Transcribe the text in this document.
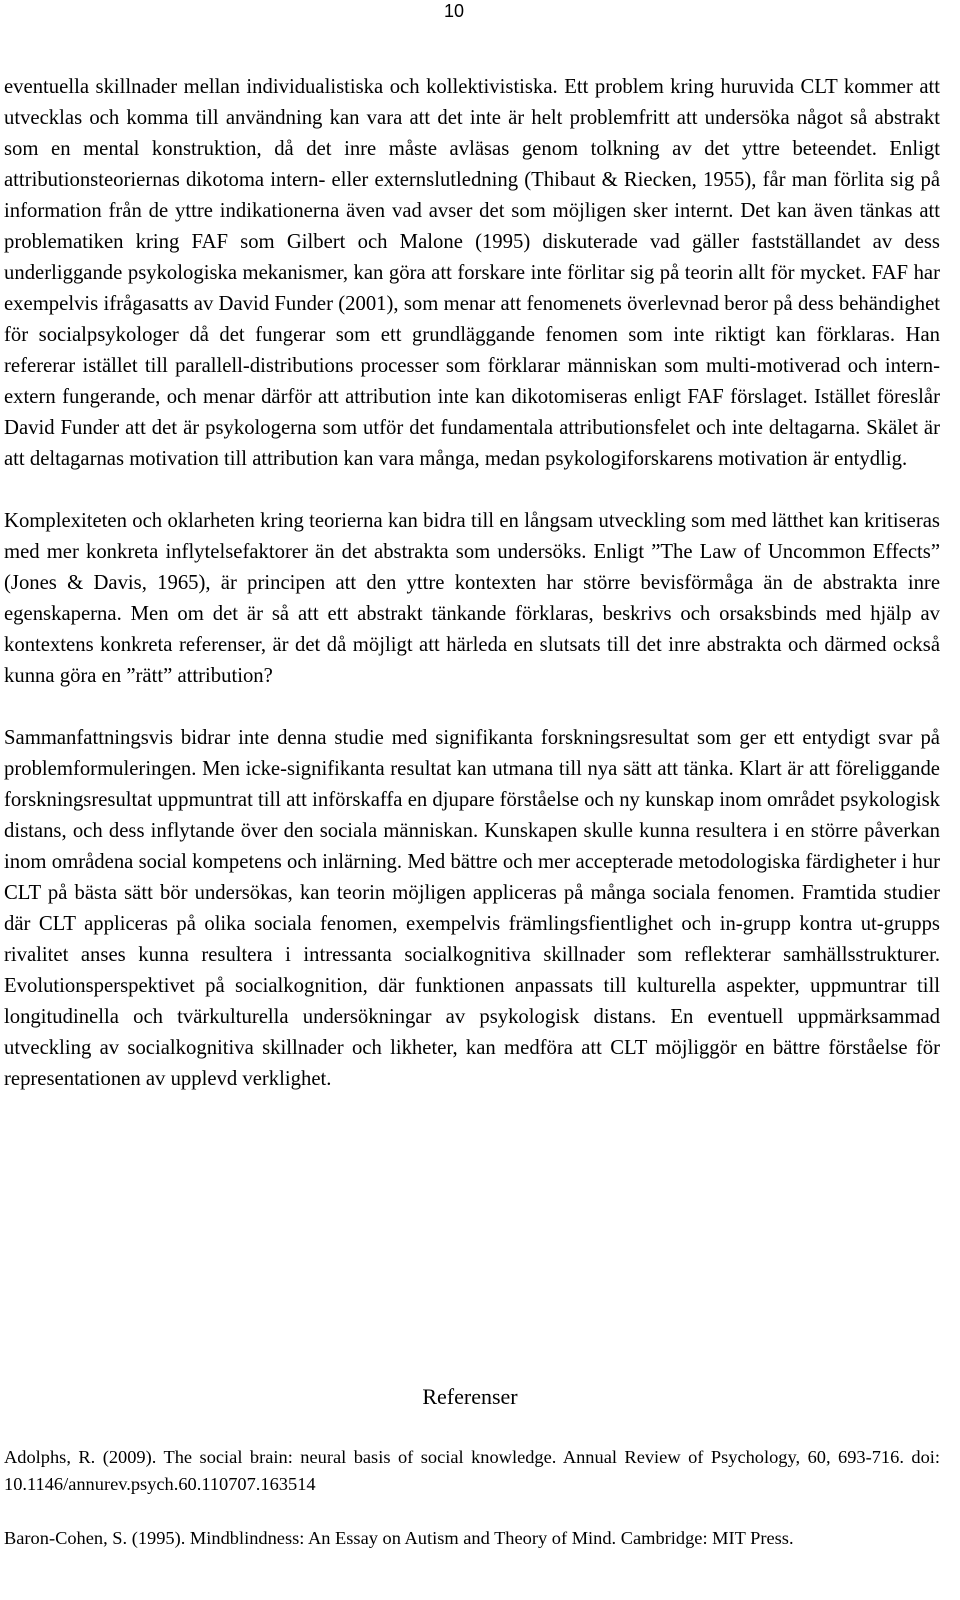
10

eventuella skillnader mellan individualistiska och kollektivistiska. Ett problem kring huruvida CLT kommer att utvecklas och komma till användning kan vara att det inte är helt problemfritt att undersöka något så abstrakt som en mental konstruktion, då det inre måste avläsas genom tolkning av det yttre beteendet. Enligt attributionsteoriernas dikotoma intern- eller externslutledning (Thibaut & Riecken, 1955), får man förlita sig på information från de yttre indikationerna även vad avser det som möjligen sker internt. Det kan även tänkas att problematiken kring FAF som Gilbert och Malone (1995) diskuterade vad gäller fastställandet av dess underliggande psykologiska mekanismer, kan göra att forskare inte förlitar sig på teorin allt för mycket. FAF har exempelvis ifrågasatts av David Funder (2001), som menar att fenomenets överlevnad beror på dess behändighet för socialpsykologer då det fungerar som ett grundläggande fenomen som inte riktigt kan förklaras. Han refererar istället till parallell-distributions processer som förklarar människan som multi-motiverad och intern-extern fungerande, och menar därför att attribution inte kan dikotomiseras enligt FAF förslaget. Istället föreslår David Funder att det är psykologerna som utför det fundamentala attributionsfelet och inte deltagarna. Skälet är att deltagarnas motivation till attribution kan vara många, medan psykologiforskarens motivation är entydlig.

Komplexiteten och oklarheten kring teorierna kan bidra till en långsam utveckling som med lätthet kan kritiseras med mer konkreta inflytelsefaktorer än det abstrakta som undersöks. Enligt ”The Law of Uncommon Effects” (Jones & Davis, 1965), är principen att den yttre kontexten har större bevisförmåga än de abstrakta inre egenskaperna. Men om det är så att ett abstrakt tänkande förklaras, beskrivs och orsaksbinds med hjälp av kontextens konkreta referenser, är det då möjligt att härleda en slutsats till det inre abstrakta och därmed också kunna göra en ”rätt” attribution?

Sammanfattningsvis bidrar inte denna studie med signifikanta forskningsresultat som ger ett entydigt svar på problemformuleringen. Men icke-signifikanta resultat kan utmana till nya sätt att tänka. Klart är att föreliggande forskningsresultat uppmuntrat till att införskaffa en djupare förståelse och ny kunskap inom området psykologisk distans, och dess inflytande över den sociala människan. Kunskapen skulle kunna resultera i en större påverkan inom områdena social kompetens och inlärning. Med bättre och mer accepterade metodologiska färdigheter i hur CLT på bästa sätt bör undersökas, kan teorin möjligen appliceras på många sociala fenomen. Framtida studier där CLT appliceras på olika sociala fenomen, exempelvis främlingsfientlighet och in-grupp kontra ut-grupps rivalitet anses kunna resultera i intressanta socialkognitiva skillnader som reflekterar samhällsstrukturer. Evolutionsperspektivet på socialkognition, där funktionen anpassats till kulturella aspekter, uppmuntrar till longitudinella och tvärkulturella undersökningar av psykologisk distans. En eventuell uppmärksammad utveckling av socialkognitiva skillnader och likheter, kan medföra att CLT möjliggör en bättre förståelse för representationen av upplevd verklighet.

Referenser

Adolphs, R. (2009). The social brain: neural basis of social knowledge. Annual Review of Psychology, 60, 693-716. doi: 10.1146/annurev.psych.60.110707.163514

Baron-Cohen, S. (1995). Mindblindness: An Essay on Autism and Theory of Mind. Cambridge: MIT Press.
